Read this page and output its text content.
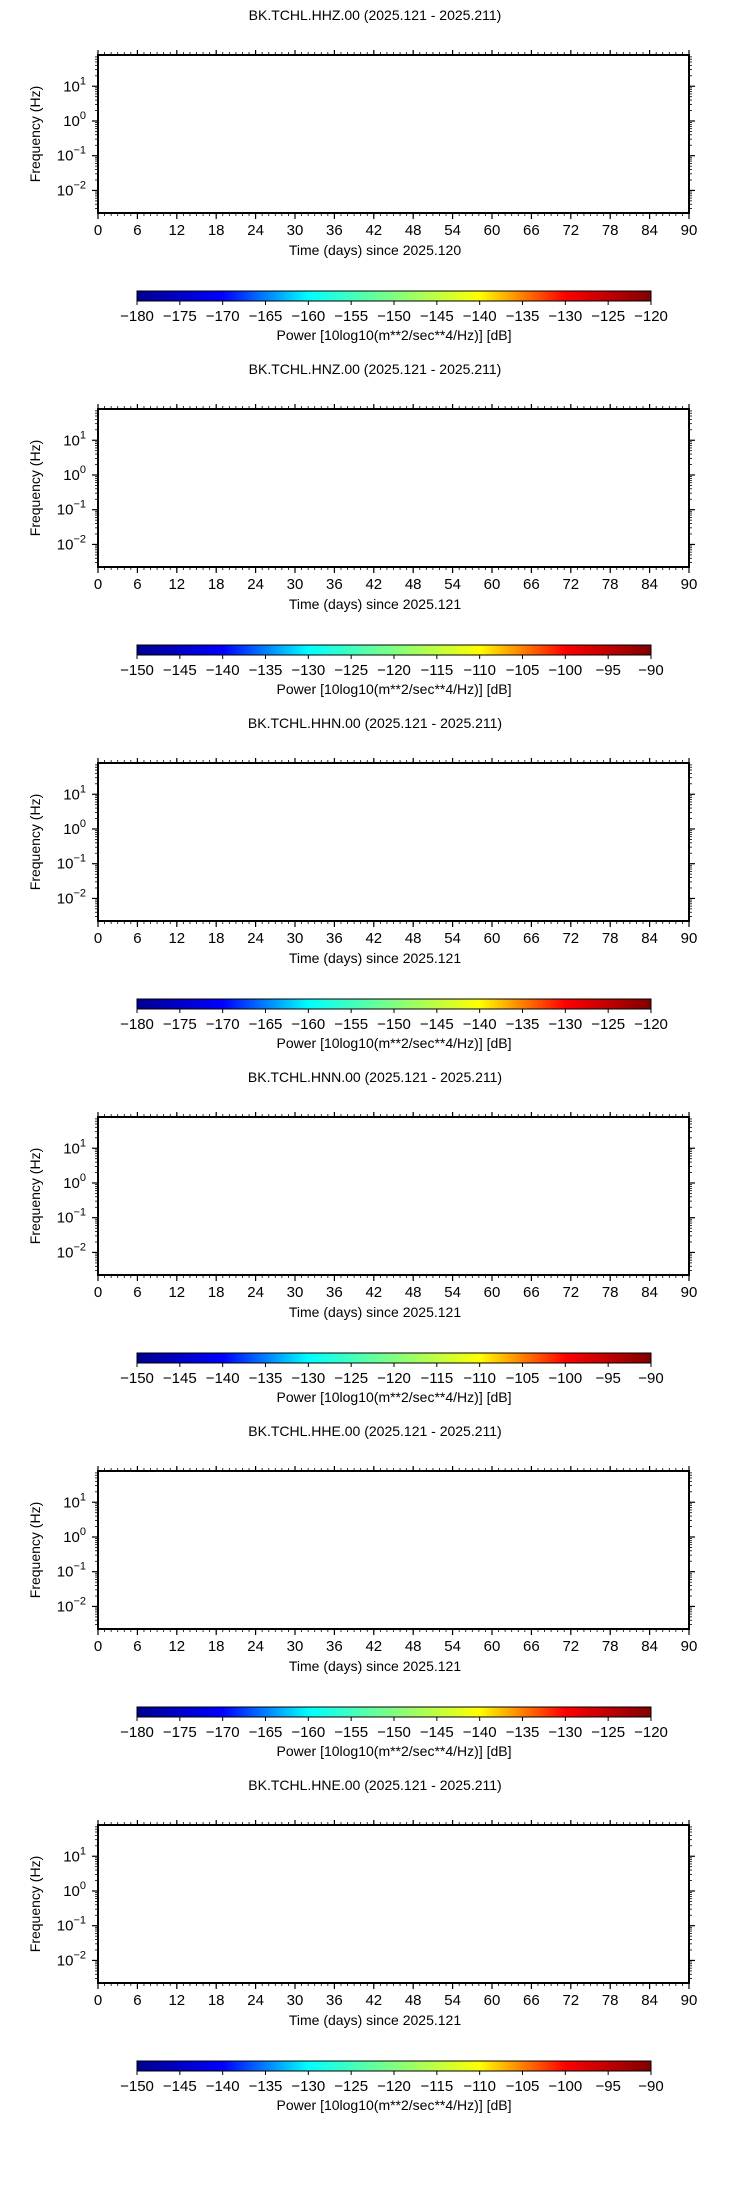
BK.TCHL.HHZ.00 (2025.121 - 2025.211)
0 6 12 18 24 30 36 42 48 54 60 66 72 78 84 90
Time (days) since 2025.120
$10^1$
$10^0$
$10^{-1}$
$10^{-2}$
Frequency (Hz)
−180 −175 −170 −165 −160 −155 −150 −145 −140 −135 −130 −125 −120
Power [10log10(m**2/sec**4/Hz)] [dB]
BK.TCHL.HNZ.00 (2025.121 - 2025.211)
0 6 12 18 24 30 36 42 48 54 60 66 72 78 84 90
Time (days) since 2025.121
$10^1$
$10^0$
$10^{-1}$
$10^{-2}$
Frequency (Hz)
−150 −145 −140 −135 −130 −125 −120 −115 −110 −105 −100 −95 −90
Power [10log10(m**2/sec**4/Hz)] [dB]
BK.TCHL.HHN.00 (2025.121 - 2025.211)
0 6 12 18 24 30 36 42 48 54 60 66 72 78 84 90
Time (days) since 2025.121
$10^1$
$10^0$
$10^{-1}$
$10^{-2}$
Frequency (Hz)
−180 −175 −170 −165 −160 −155 −150 −145 −140 −135 −130 −125 −120
Power [10log10(m**2/sec**4/Hz)] [dB]
BK.TCHL.HNN.00 (2025.121 - 2025.211)
0 6 12 18 24 30 36 42 48 54 60 66 72 78 84 90
Time (days) since 2025.121
$10^1$
$10^0$
$10^{-1}$
$10^{-2}$
Frequency (Hz)
−150 −145 −140 −135 −130 −125 −120 −115 −110 −105 −100 −95 −90
Power [10log10(m**2/sec**4/Hz)] [dB]
BK.TCHL.HHE.00 (2025.121 - 2025.211)
0 6 12 18 24 30 36 42 48 54 60 66 72 78 84 90
Time (days) since 2025.121
$10^1$
$10^0$
$10^{-1}$
$10^{-2}$
Frequency (Hz)
−180 −175 −170 −165 −160 −155 −150 −145 −140 −135 −130 −125 −120
Power [10log10(m**2/sec**4/Hz)] [dB]
BK.TCHL.HNE.00 (2025.121 - 2025.211)
0 6 12 18 24 30 36 42 48 54 60 66 72 78 84 90
Time (days) since 2025.121
$10^1$
$10^0$
$10^{-1}$
$10^{-2}$
Frequency (Hz)
−150 −145 −140 −135 −130 −125 −120 −115 −110 −105 −100 −95 −90
Power [10log10(m**2/sec**4/Hz)] [dB]
